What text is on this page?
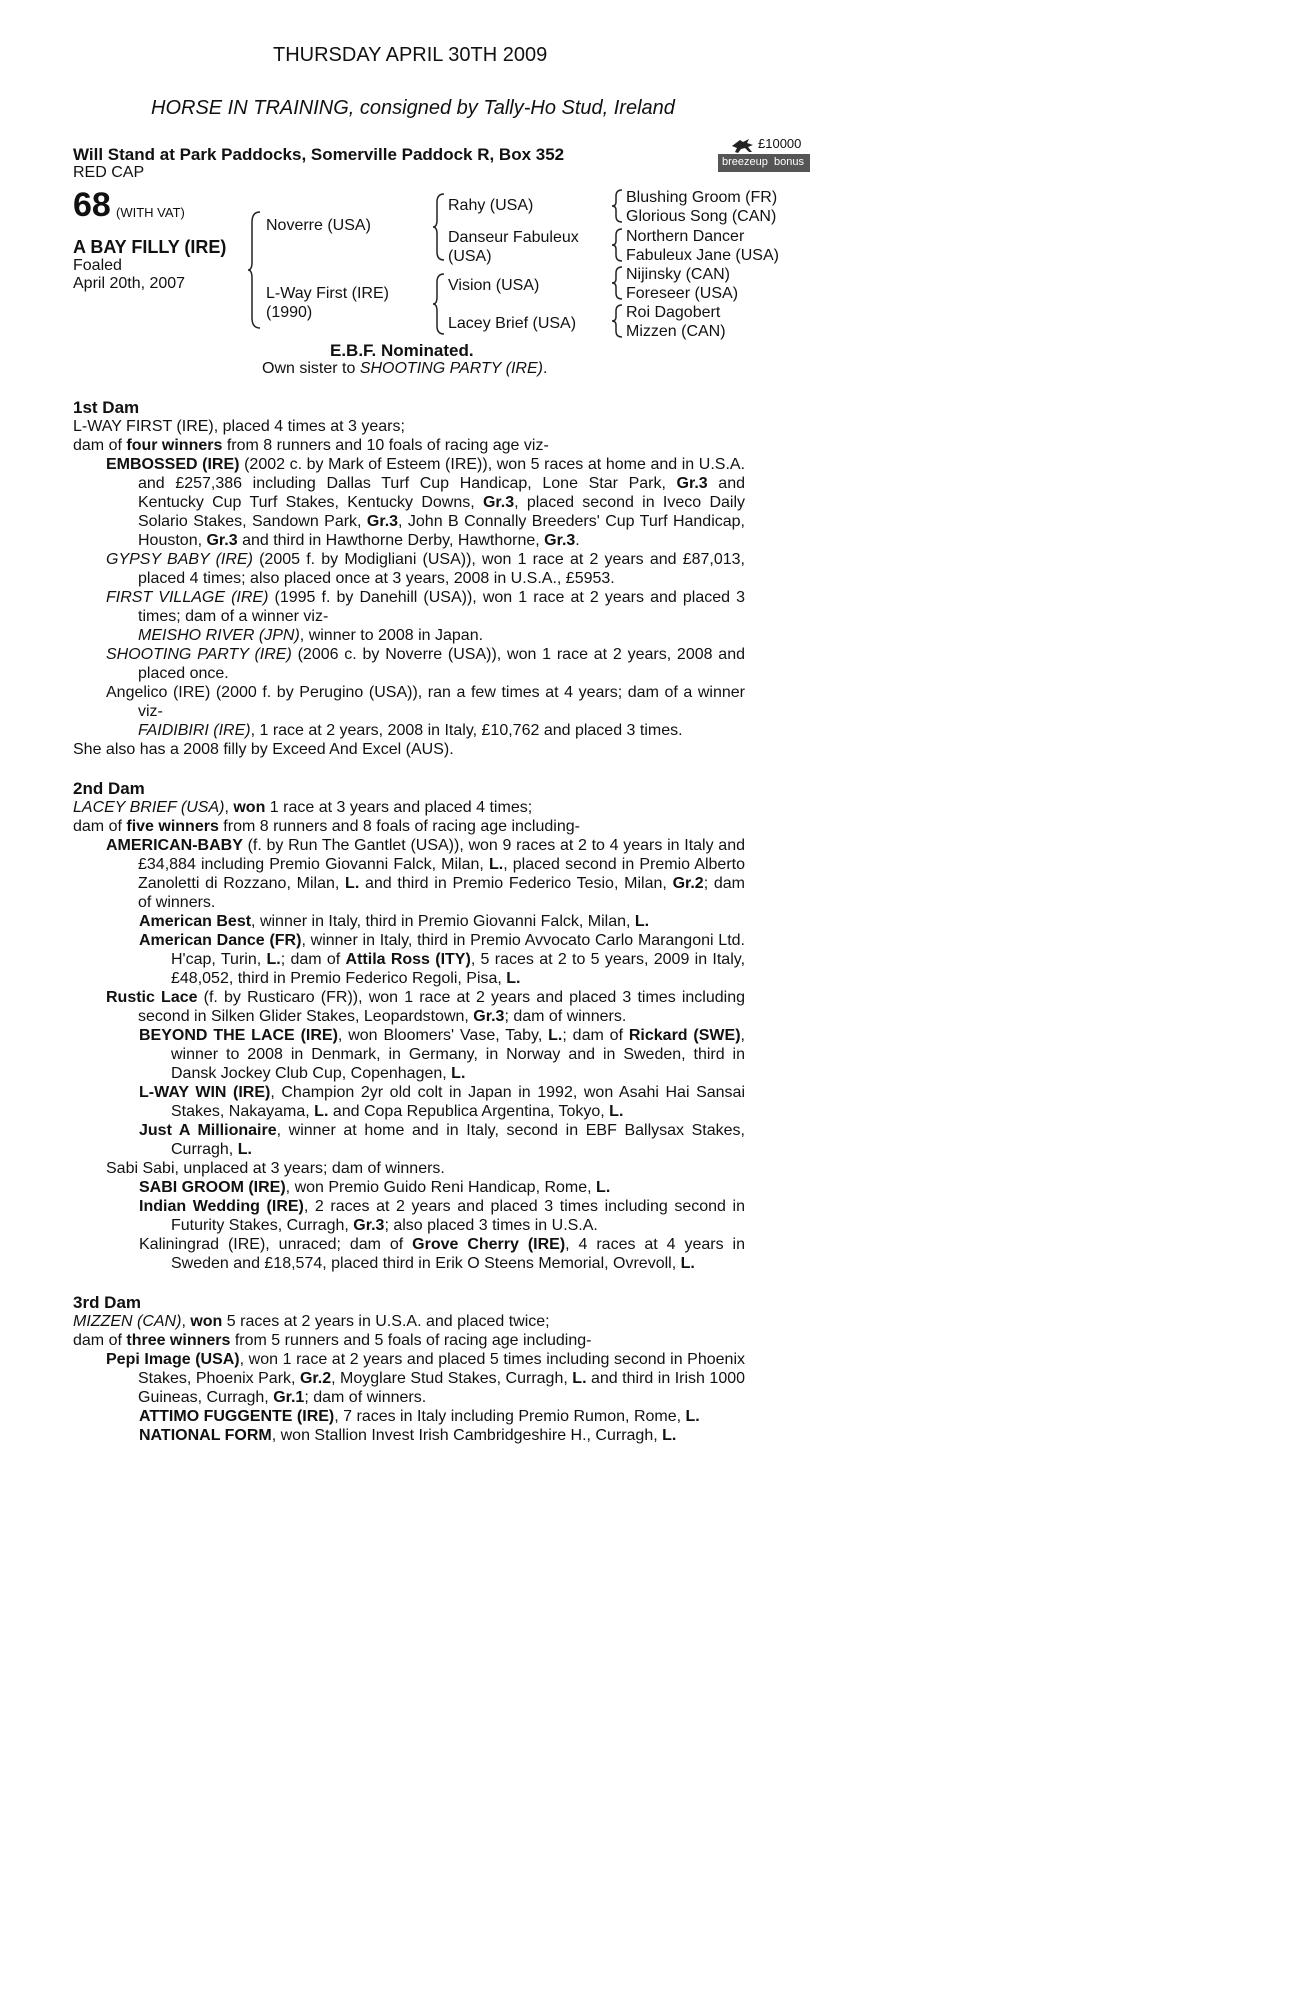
THURSDAY APRIL 30TH 2009
HORSE IN TRAINING, consigned by Tally-Ho Stud, Ireland
Will Stand at Park Paddocks, Somerville Paddock R, Box 352
RED CAP
68 (WITH VAT)
A BAY FILLY (IRE)
Foaled
April 20th, 2007
£10000
breezeup bonus
Noverre (USA)
L-Way First (IRE)
(1990)
Rahy (USA)
Danseur Fabuleux
(USA)
Vision (USA)
Lacey Brief (USA)
Blushing Groom (FR)
Glorious Song (CAN)
Northern Dancer
Fabuleux Jane (USA)
Nijinsky (CAN)
Foreseer (USA)
Roi Dagobert
Mizzen (CAN)
E.B.F. Nominated.
Own sister to SHOOTING PARTY (IRE).

1st Dam

L-WAY FIRST (IRE), placed 4 times at 3 years;

dam of four winners from 8 runners and 10 foals of racing age viz-

EMBOSSED (IRE) (2002 c. by Mark of Esteem (IRE)), won 5 races at home and in U.S.A. and £257,386 including Dallas Turf Cup Handicap, Lone Star Park, Gr.3 and Kentucky Cup Turf Stakes, Kentucky Downs, Gr.3, placed second in Iveco Daily Solario Stakes, Sandown Park, Gr.3, John B Connally Breeders' Cup Turf Handicap, Houston, Gr.3 and third in Hawthorne Derby, Hawthorne, Gr.3.

GYPSY BABY (IRE) (2005 f. by Modigliani (USA)), won 1 race at 2 years and £87,013, placed 4 times; also placed once at 3 years, 2008 in U.S.A., £5953.

FIRST VILLAGE (IRE) (1995 f. by Danehill (USA)), won 1 race at 2 years and placed 3 times; dam of a winner viz-

MEISHO RIVER (JPN), winner to 2008 in Japan.

SHOOTING PARTY (IRE) (2006 c. by Noverre (USA)), won 1 race at 2 years, 2008 and placed once.

Angelico (IRE) (2000 f. by Perugino (USA)), ran a few times at 4 years; dam of a winner viz-

FAIDIBIRI (IRE), 1 race at 2 years, 2008 in Italy, £10,762 and placed 3 times.

She also has a 2008 filly by Exceed And Excel (AUS).

2nd Dam

LACEY BRIEF (USA), won 1 race at 3 years and placed 4 times;

dam of five winners from 8 runners and 8 foals of racing age including-

AMERICAN-BABY (f. by Run The Gantlet (USA)), won 9 races at 2 to 4 years in Italy and £34,884 including Premio Giovanni Falck, Milan, L., placed second in Premio Alberto Zanoletti di Rozzano, Milan, L. and third in Premio Federico Tesio, Milan, Gr.2; dam of winners.

American Best, winner in Italy, third in Premio Giovanni Falck, Milan, L.

American Dance (FR), winner in Italy, third in Premio Avvocato Carlo Marangoni Ltd. H'cap, Turin, L.; dam of Attila Ross (ITY), 5 races at 2 to 5 years, 2009 in Italy, £48,052, third in Premio Federico Regoli, Pisa, L.

Rustic Lace (f. by Rusticaro (FR)), won 1 race at 2 years and placed 3 times including second in Silken Glider Stakes, Leopardstown, Gr.3; dam of winners.

BEYOND THE LACE (IRE), won Bloomers' Vase, Taby, L.; dam of Rickard (SWE), winner to 2008 in Denmark, in Germany, in Norway and in Sweden, third in Dansk Jockey Club Cup, Copenhagen, L.

L-WAY WIN (IRE), Champion 2yr old colt in Japan in 1992, won Asahi Hai Sansai Stakes, Nakayama, L. and Copa Republica Argentina, Tokyo, L.

Just A Millionaire, winner at home and in Italy, second in EBF Ballysax Stakes, Curragh, L.

Sabi Sabi, unplaced at 3 years; dam of winners.

SABI GROOM (IRE), won Premio Guido Reni Handicap, Rome, L.

Indian Wedding (IRE), 2 races at 2 years and placed 3 times including second in Futurity Stakes, Curragh, Gr.3; also placed 3 times in U.S.A.

Kaliningrad (IRE), unraced; dam of Grove Cherry (IRE), 4 races at 4 years in Sweden and £18,574, placed third in Erik O Steens Memorial, Ovrevoll, L.

3rd Dam

MIZZEN (CAN), won 5 races at 2 years in U.S.A. and placed twice;

dam of three winners from 5 runners and 5 foals of racing age including-

Pepi Image (USA), won 1 race at 2 years and placed 5 times including second in Phoenix Stakes, Phoenix Park, Gr.2, Moyglare Stud Stakes, Curragh, L. and third in Irish 1000 Guineas, Curragh, Gr.1; dam of winners.

ATTIMO FUGGENTE (IRE), 7 races in Italy including Premio Rumon, Rome, L.

NATIONAL FORM, won Stallion Invest Irish Cambridgeshire H., Curragh, L.
